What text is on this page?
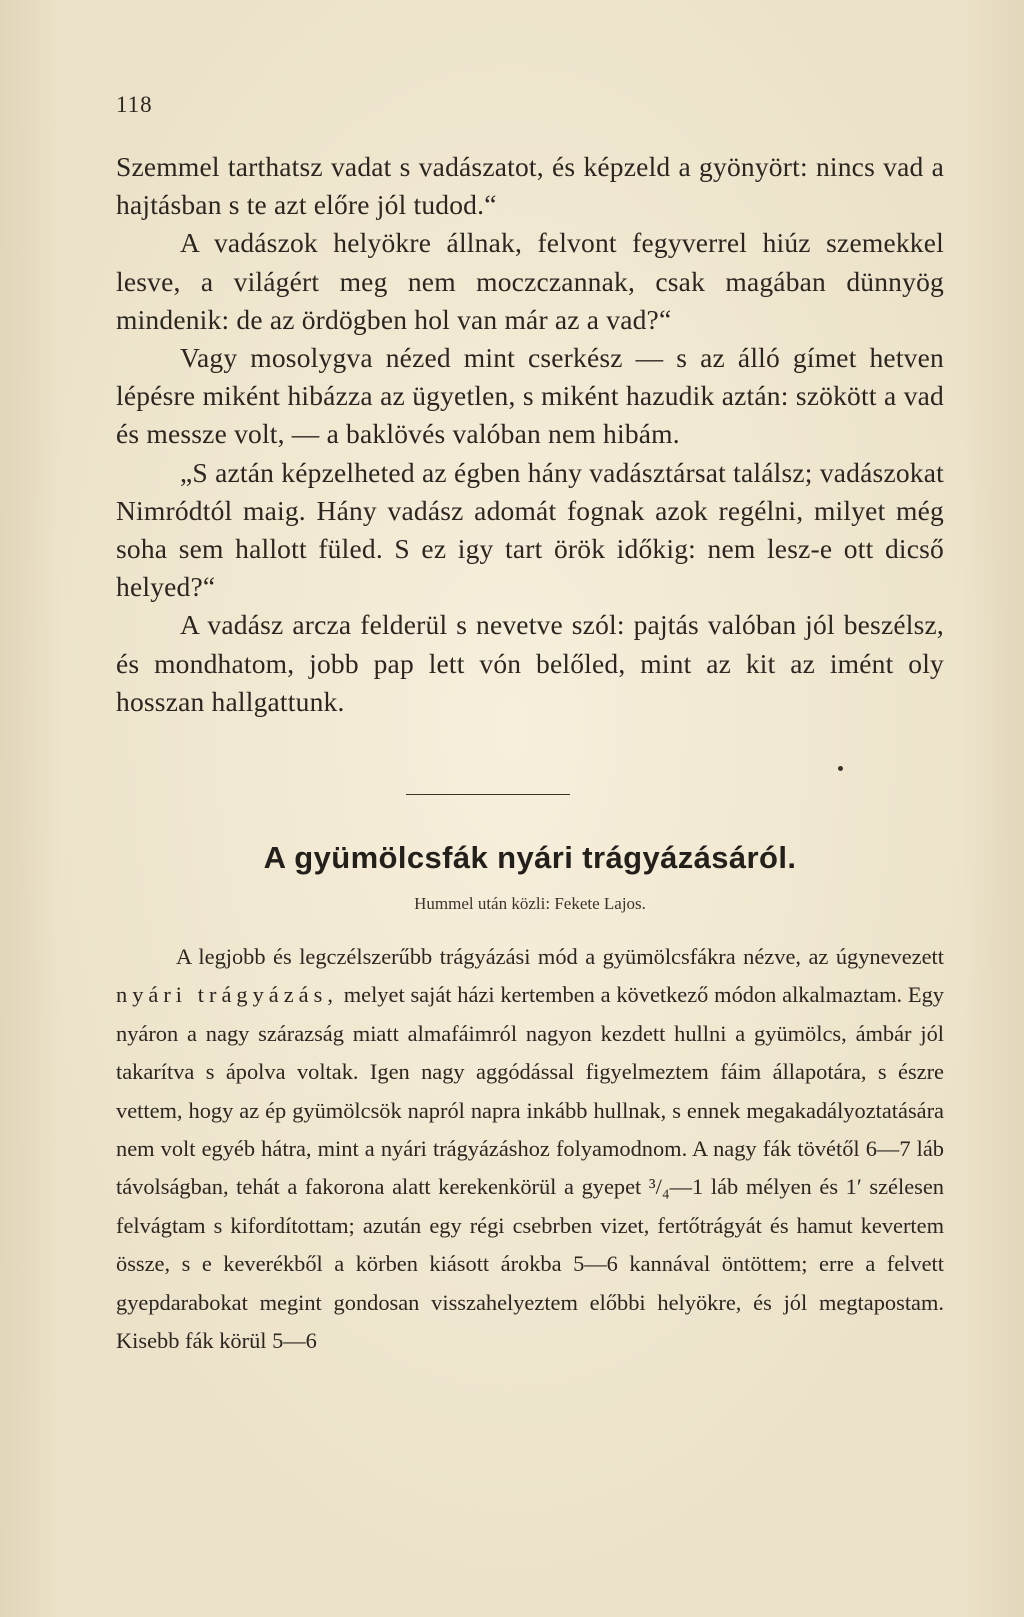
118

Szemmel tarthatsz vadat s vadászatot, és képzeld a gyönyört: nincs vad a hajtásban s te azt előre jól tudod.“

A vadászok helyökre állnak, felvont fegyverrel hiúz szemekkel lesve, a világért meg nem moczczannak, csak magában dünnyög mindenik: de az ördögben hol van már az a vad?“

Vagy mosolygva nézed mint cserkész — s az álló gímet hetven lépésre miként hibázza az ügyetlen, s miként hazudik aztán: szökött a vad és messze volt, — a baklövés valóban nem hibám.

„S aztán képzelheted az égben hány vadásztársat találsz; vadászokat Nimródtól maig. Hány vadász adomát fognak azok regélni, milyet még soha sem hallott füled. S ez igy tart örök időkig: nem lesz-e ott dicső helyed?“

A vadász arcza felderül s nevetve szól: pajtás valóban jól beszélsz, és mondhatom, jobb pap lett vón belőled, mint az kit az imént oly hosszan hallgattunk.

A gyümölcsfák nyári trágyázásáról.

Hummel után közli: Fekete Lajos.

A legjobb és legczélszerűbb trágyázási mód a gyümölcsfákra nézve, az úgynevezett nyári trágyázás, melyet saját házi kertemben a következő módon alkalmaztam. Egy nyáron a nagy szárazság miatt almafáimról nagyon kezdett hullni a gyümölcs, ámbár jól takarítva s ápolva voltak. Igen nagy aggódással figyelmeztem fáim állapotára, s észre vettem, hogy az ép gyümölcsök napról napra inkább hullnak, s ennek megakadályoztatására nem volt egyéb hátra, mint a nyári trágyázáshoz folyamodnom. A nagy fák tövétől 6—7 láb távolságban, tehát a fakorona alatt kerekenkörül a gyepet ³/₄—1 láb mélyen és 1′ szélesen felvágtam s kifordítottam; azután egy régi csebrben vizet, fertőtrágyát és hamut kevertem össze, s e keverékből a körben kiásott árokba 5—6 kannával öntöttem; erre a felvett gyepdarabokat megint gondosan visszahelyeztem előbbi helyökre, és jól megtapostam. Kisebb fák körül 5—6
